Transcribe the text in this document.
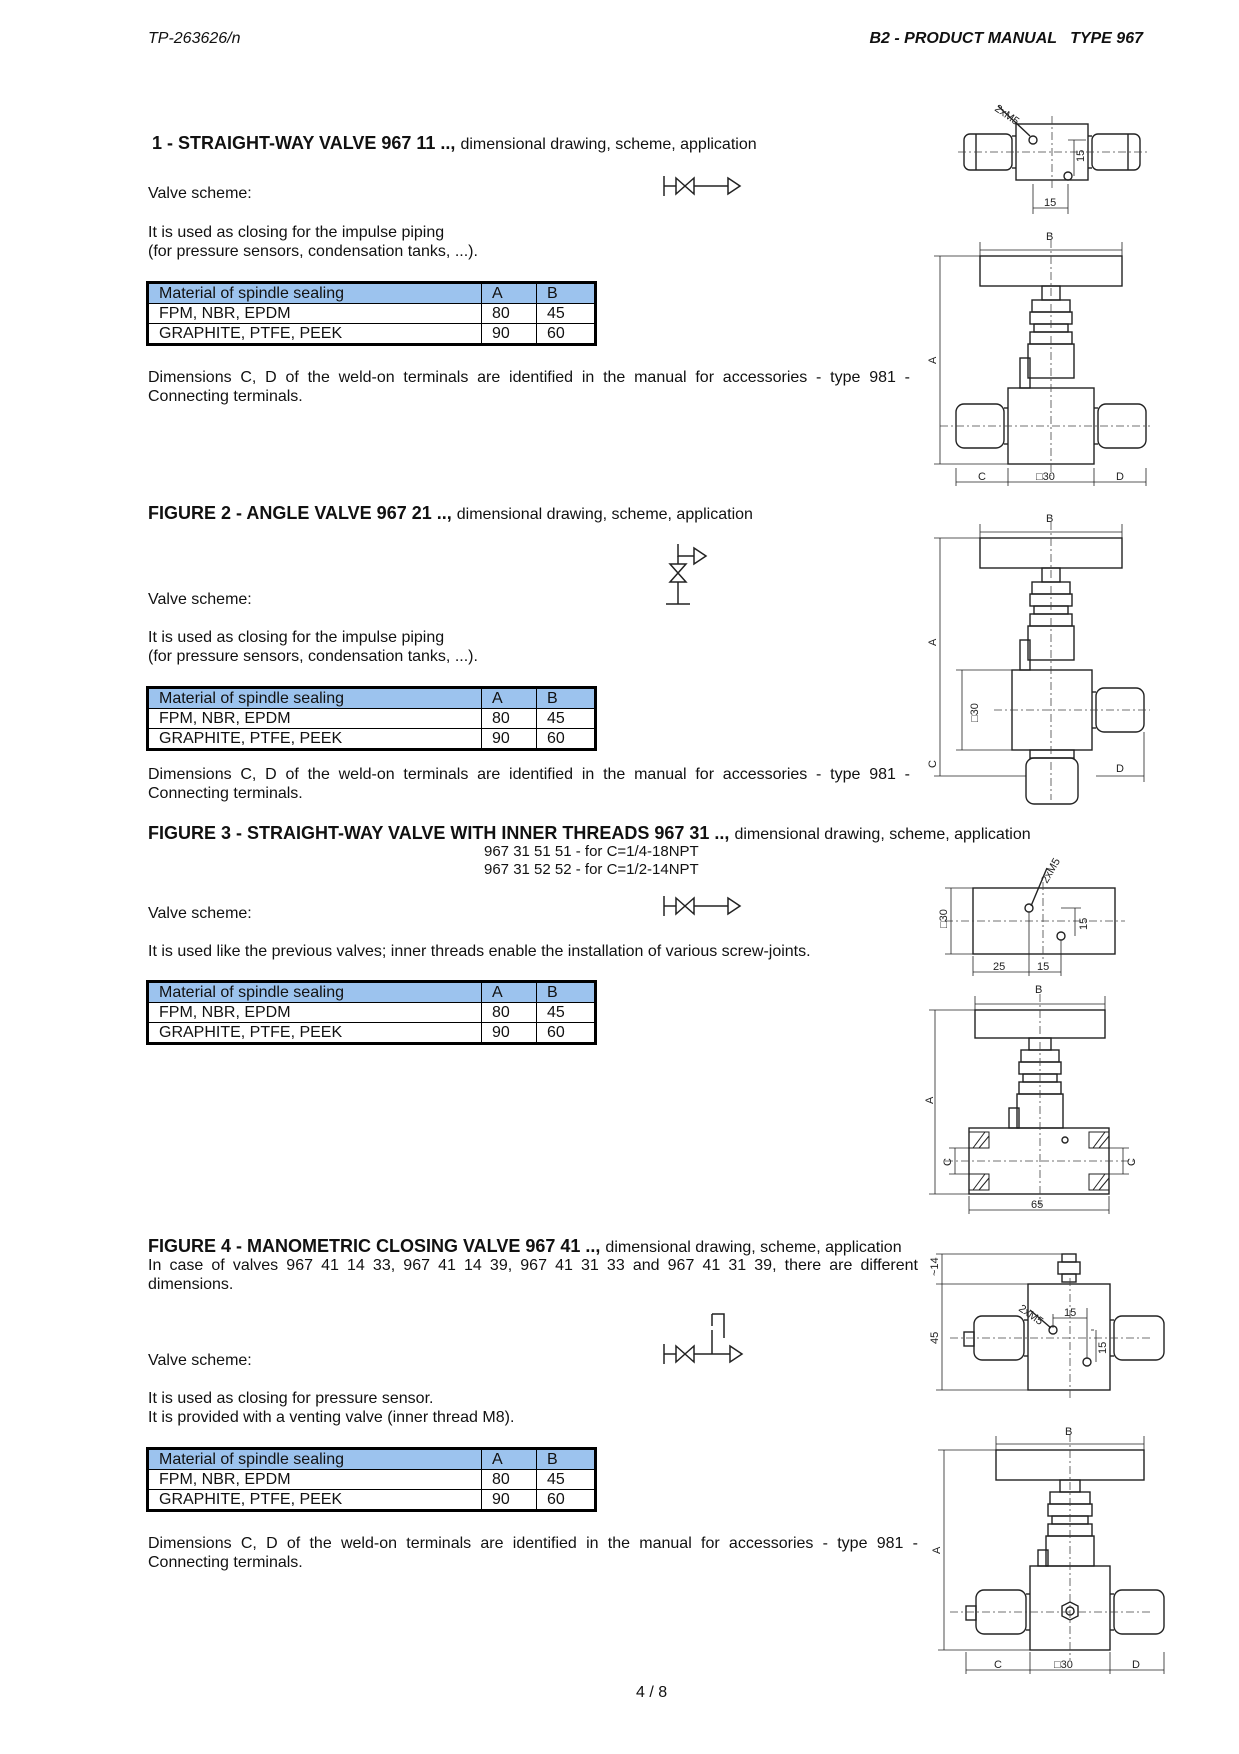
TP-263626/n	B2 - PRODUCT MANUAL   TYPE 967
1 - STRAIGHT-WAY VALVE 967 11 .., dimensional drawing, scheme, application
Valve scheme:
It is used as closing for the impulse piping
(for pressure sensors, condensation tanks, ...).
Material of spindle sealing	A	B
FPM, NBR, EPDM	80	45
GRAPHITE, PTFE, PEEK	90	60
Dimensions C, D of the weld-on terminals are identified in the manual for accessories - type 981 - Connecting terminals.
2xM5
15
15
B
A
C	□30	D
FIGURE 2 - ANGLE VALVE 967 21 .., dimensional drawing, scheme, application
Valve scheme:
It is used as closing for the impulse piping
(for pressure sensors, condensation tanks, ...).
Material of spindle sealing	A	B
FPM, NBR, EPDM	80	45
GRAPHITE, PTFE, PEEK	90	60
Dimensions C, D of the weld-on terminals are identified in the manual for accessories - type 981 - Connecting terminals.
B
A
□30
C	D
FIGURE 3 - STRAIGHT-WAY VALVE WITH INNER THREADS 967 31 .., dimensional drawing, scheme, application
967 31 51 51 - for C=1/4-18NPT
967 31 52 52 - for C=1/2-14NPT
Valve scheme:
It is used like the previous valves; inner threads enable the installation of various screw-joints.
Material of spindle sealing	A	B
FPM, NBR, EPDM	80	45
GRAPHITE, PTFE, PEEK	90	60
2xM5
□30	15
25	15
B
A
C	C
65
FIGURE 4 - MANOMETRIC CLOSING VALVE 967 41 .., dimensional drawing, scheme, application
In case of valves 967 41 14 33, 967 41 14 39, 967 41 31 33 and 967 41 31 39, there are different dimensions.
Valve scheme:
It is used as closing for pressure sensor.
It is provided with a venting valve (inner thread M8).
Material of spindle sealing	A	B
FPM, NBR, EPDM	80	45
GRAPHITE, PTFE, PEEK	90	60
Dimensions C, D of the weld-on terminals are identified in the manual for accessories - type 981 - Connecting terminals.
~14
45
2xM5 15
15
B
A
C	□30	D
4 / 8
